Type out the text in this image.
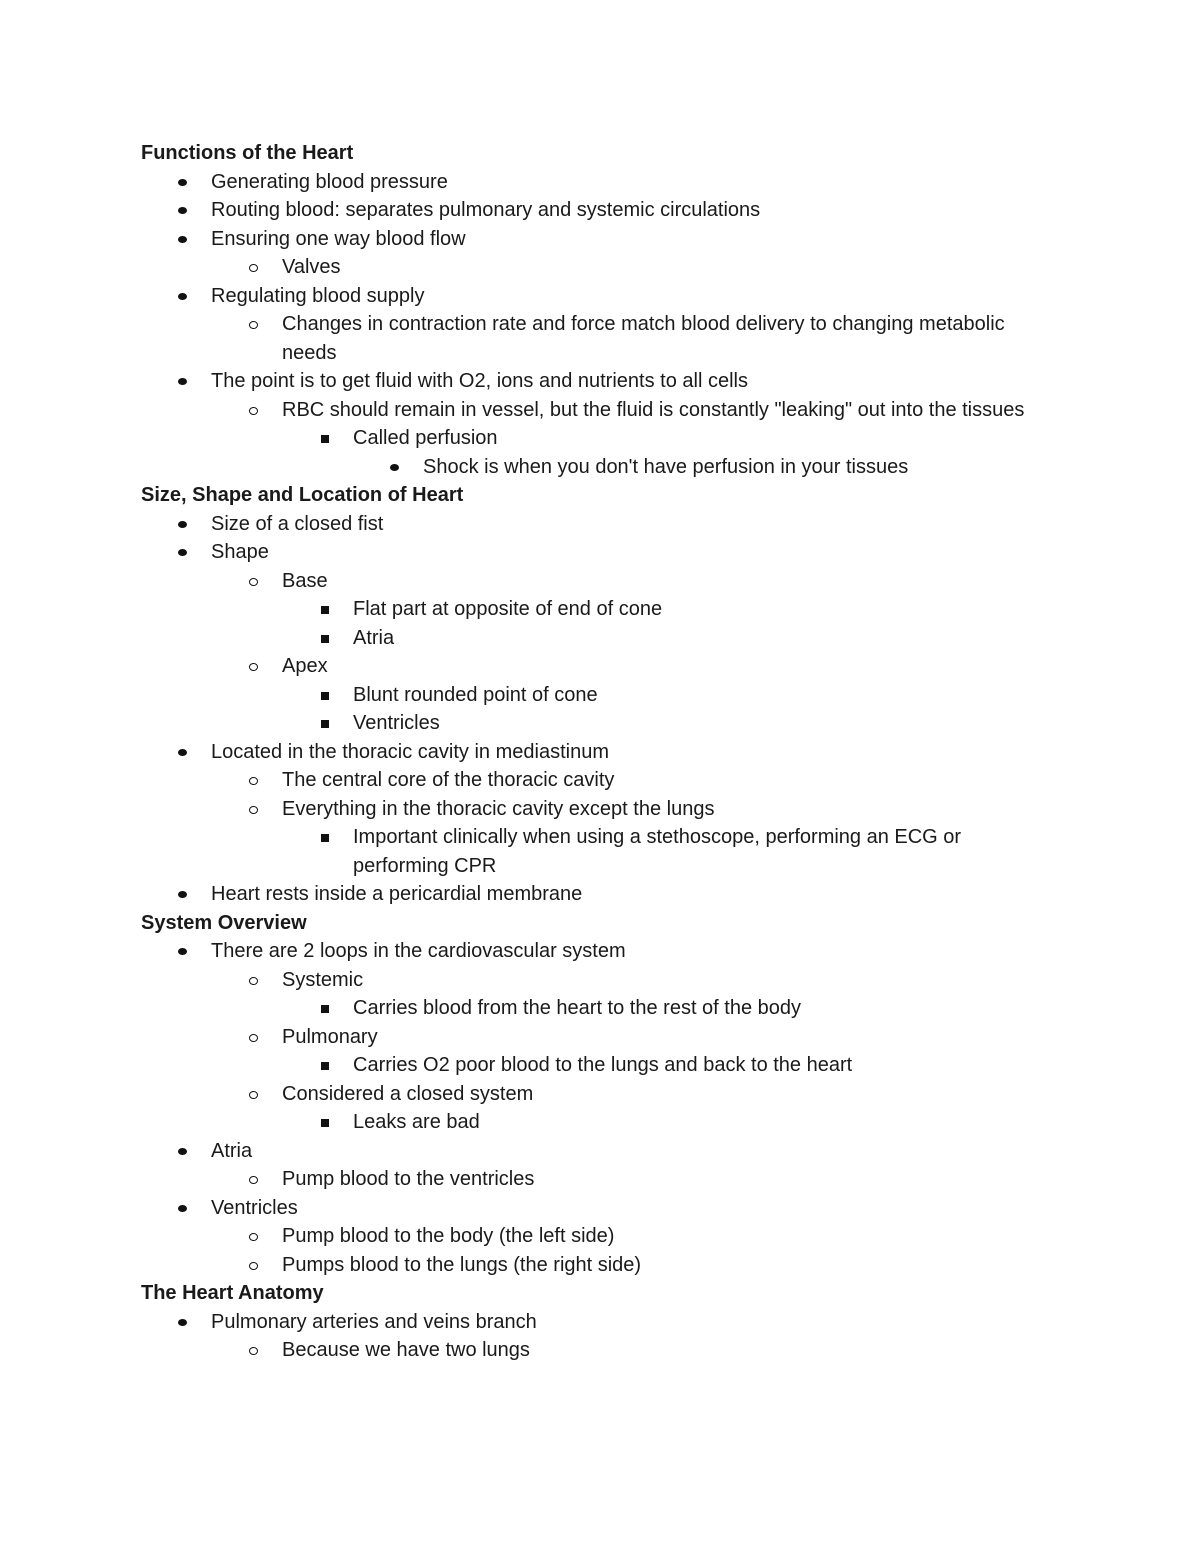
Functions of the Heart
Generating blood pressure
Routing blood: separates pulmonary and systemic circulations
Ensuring one way blood flow
Valves
Regulating blood supply
Changes in contraction rate and force match blood delivery to changing metabolic needs
The point is to get fluid with O2, ions and nutrients to all cells
RBC should remain in vessel, but the fluid is constantly "leaking" out into the tissues
Called perfusion
Shock is when you don't have perfusion in your tissues
Size, Shape and Location of Heart
Size of a closed fist
Shape
Base
Flat part at opposite of end of cone
Atria
Apex
Blunt rounded point of cone
Ventricles
Located in the thoracic cavity in mediastinum
The central core of the thoracic cavity
Everything in the thoracic cavity except the lungs
Important clinically when using a stethoscope, performing an ECG or performing CPR
Heart rests inside a pericardial membrane
System Overview
There are 2 loops in the cardiovascular system
Systemic
Carries blood from the heart to the rest of the body
Pulmonary
Carries O2 poor blood to the lungs and back to the heart
Considered a closed system
Leaks are bad
Atria
Pump blood to the ventricles
Ventricles
Pump blood to the body (the left side)
Pumps blood to the lungs (the right side)
The Heart Anatomy
Pulmonary arteries and veins branch
Because we have two lungs
